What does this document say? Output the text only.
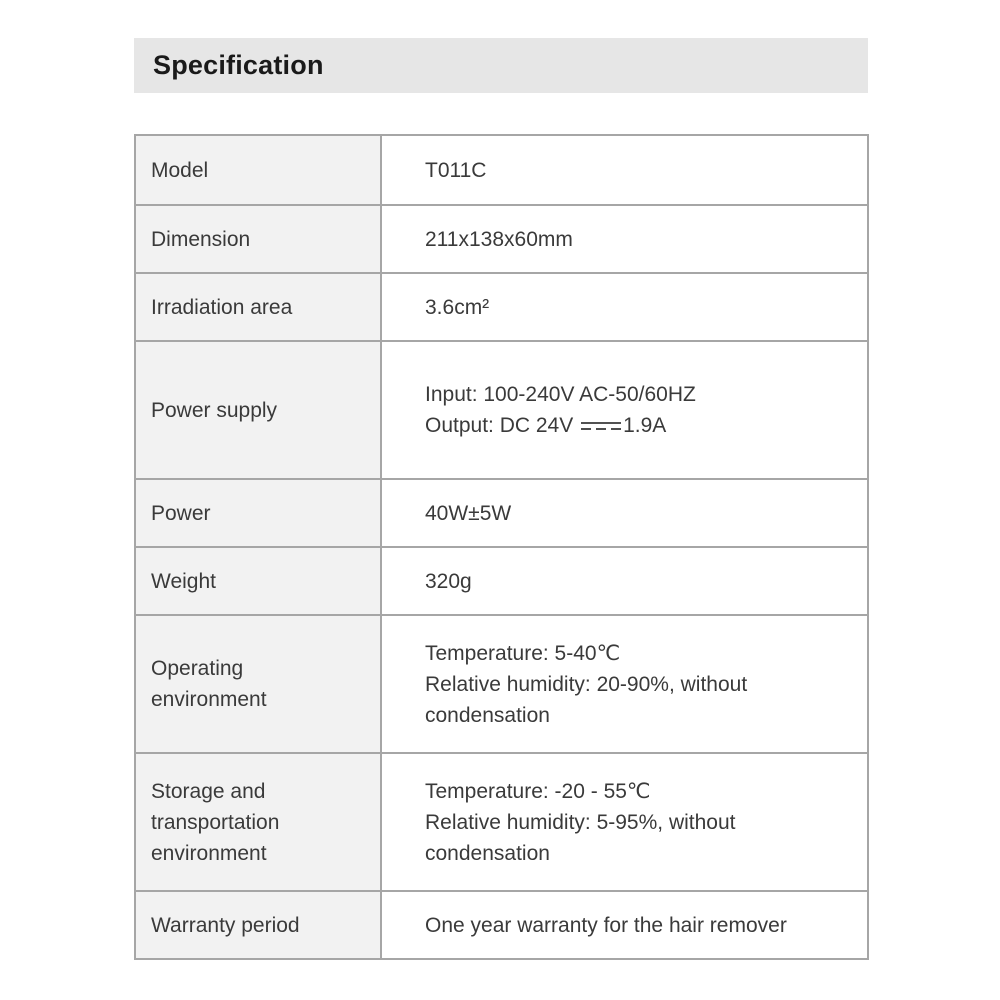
Specification
Model	T011C

Dimension	211x138x60mm

Irradiation area	3.6cm²

Power supply	Input: 100-240V AC-50/60HZ
Output: DC 24V 1.9A

Power	40W±5W

Weight	320g

Operating
environment	Temperature: 5-40℃
Relative humidity: 20-90%, without
condensation

Storage and
transportation
environment	Temperature: -20 - 55℃
Relative humidity: 5-95%, without
condensation

Warranty period	One year warranty for the hair remover
